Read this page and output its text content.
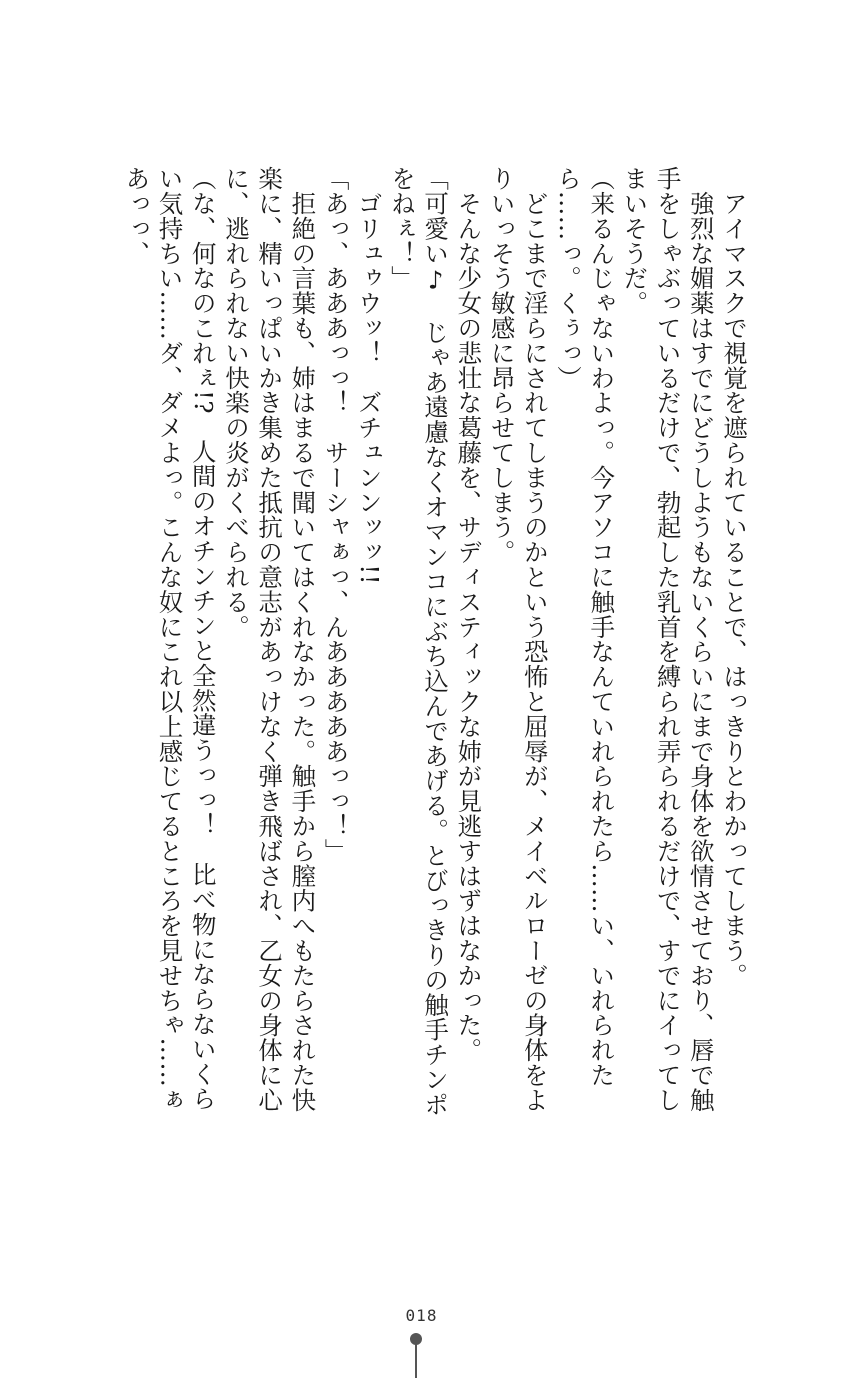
　アイマスクで視覚を遮られていることで、はっきりとわかってしまう。

　強烈な媚薬はすでにどうしようもないくらいにまで身体を欲情させており、唇で触手をしゃぶっているだけで、勃起した乳首を縛られ弄られるだけで、すでにイってしまいそうだ。

（来るんじゃないわよっ。今アソコに触手なんていれられたら……い、いれられたら……っ。くぅっ）

　どこまで淫らにされてしまうのかという恐怖と屈辱が、メイベルローゼの身体をよりいっそう敏感に昂らせてしまう。

　そんな少女の悲壮な葛藤を、サディスティックな姉が見逃すはずはなかった。

「可愛い♪　じゃあ遠慮なくオマンコにぶち込んであげる。とびっきりの触手チンポをねぇ！」

　ゴリュゥウッ！　ズチュンンッッ!!

「あっ、あああっっ！　サーシャぁっ、んあああああっっ！」

　拒絶の言葉も、姉はまるで聞いてはくれなかった。触手から膣内へもたらされた快楽に、精いっぱいかき集めた抵抗の意志があっけなく弾き飛ばされ、乙女の身体に心に、逃れられない快楽の炎がくべられる。

（な、何なのこれぇ!?　人間のオチンチンと全然違うっっ！　比べ物にならないくらい気持ちい……ダ、ダメよっ。こんな奴にこれ以上感じてるところを見せちゃ……ぁあっっ、

018
